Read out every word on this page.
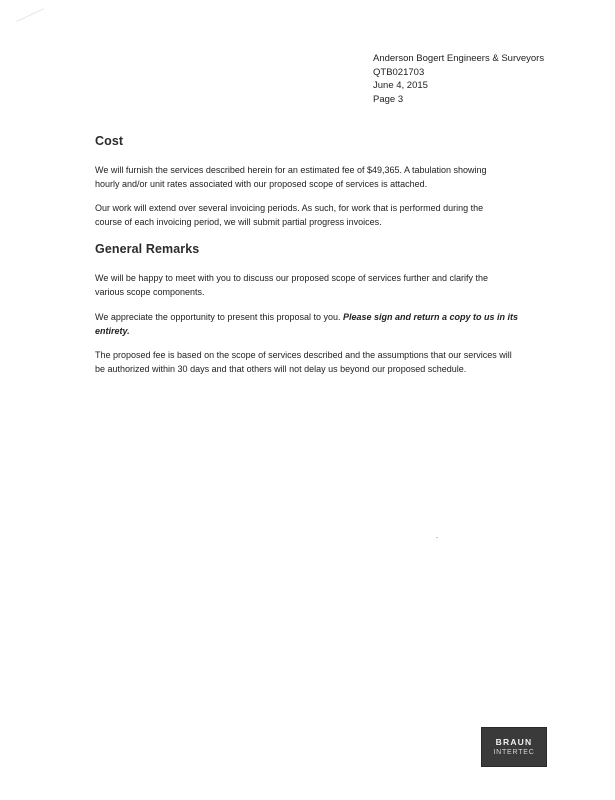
Anderson Bogert Engineers & Surveyors
QTB021703
June 4, 2015
Page 3
Cost
We will furnish the services described herein for an estimated fee of $49,365. A tabulation showing
hourly and/or unit rates associated with our proposed scope of services is attached.
Our work will extend over several invoicing periods. As such, for work that is performed during the
course of each invoicing period, we will submit partial progress invoices.
General Remarks
We will be happy to meet with you to discuss our proposed scope of services further and clarify the
various scope components.
We appreciate the opportunity to present this proposal to you. Please sign and return a copy to us in its
entirety.
The proposed fee is based on the scope of services described and the assumptions that our services will
be authorized within 30 days and that others will not delay us beyond our proposed schedule.
BRAUN
INTERTEC
